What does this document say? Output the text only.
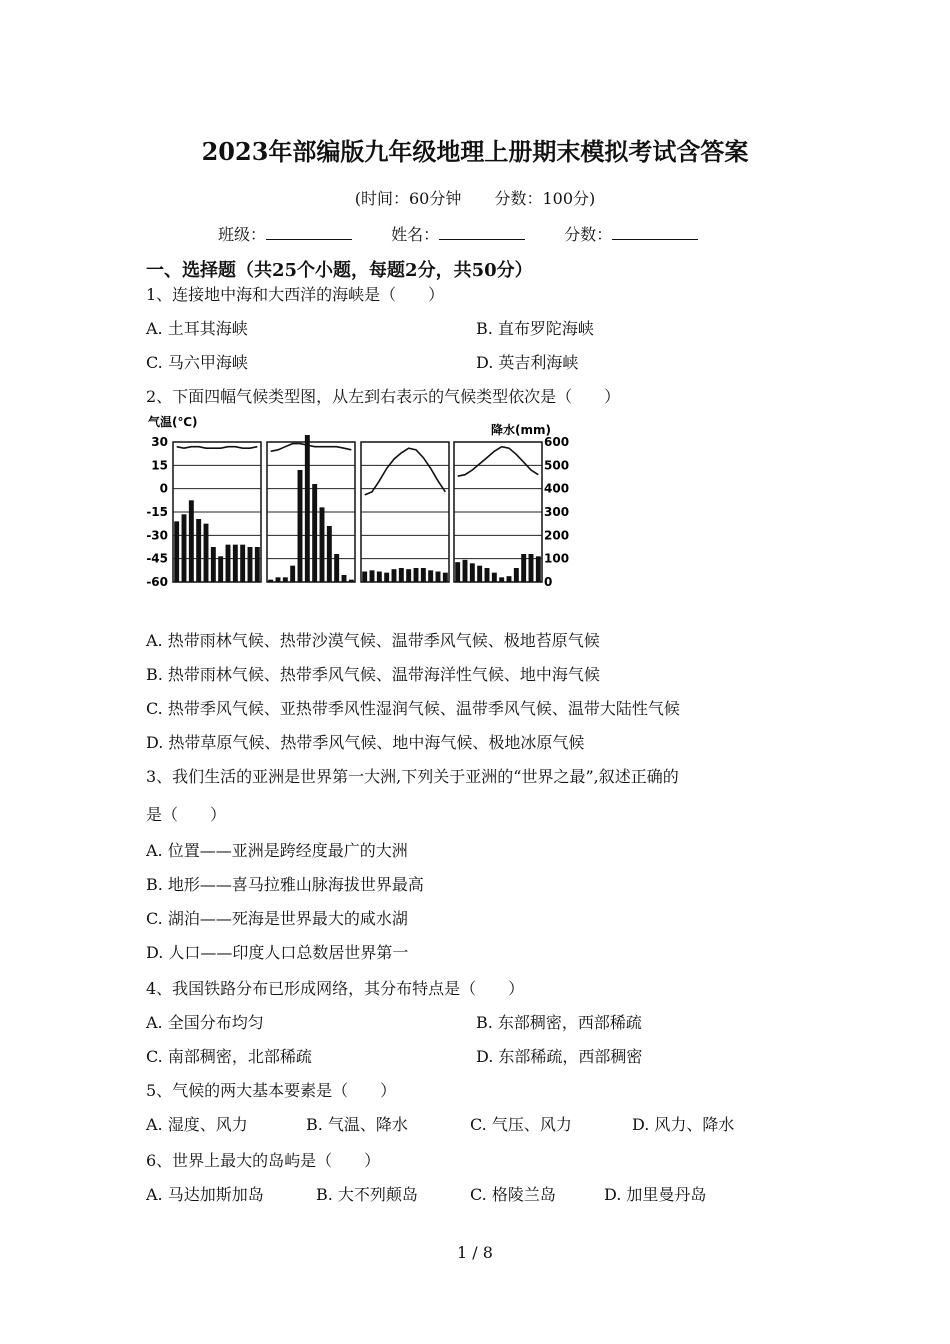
2023年部编版九年级地理上册期末模拟考试含答案
(时间：60分钟 分数：100分)
班级：	姓名：	分数：
一、选择题（共25个小题，每题2分，共50分）
1、连接地中海和大西洋的海峡是（　　）
A. 土耳其海峡	B. 直布罗陀海峡
C. 马六甲海峡	D. 英吉利海峡
2、下面四幅气候类型图，从左到右表示的气候类型依次是（　　）
气温(℃)
降水(mm)
30
15
0
-15
-30
-45
-60
600
500
400
300
200
100
0
A. 热带雨林气候、热带沙漠气候、温带季风气候、极地苔原气候
B. 热带雨林气候、热带季风气候、温带海洋性气候、地中海气候
C. 热带季风气候、亚热带季风性湿润气候、温带季风气候、温带大陆性气候
D. 热带草原气候、热带季风气候、地中海气候、极地冰原气候
3、我们生活的亚洲是世界第一大洲,下列关于亚洲的“世界之最”,叙述正确的
是（　　）
A. 位置——亚洲是跨经度最广的大洲
B. 地形——喜马拉雅山脉海拔世界最高
C. 湖泊——死海是世界最大的咸水湖
D. 人口——印度人口总数居世界第一
4、我国铁路分布已形成网络，其分布特点是（　　）
A. 全国分布均匀	B. 东部稠密，西部稀疏
C. 南部稠密，北部稀疏	D. 东部稀疏，西部稠密
5、气候的两大基本要素是（　　）
A. 湿度、风力	B. 气温、降水	C. 气压、风力	D. 风力、降水
6、世界上最大的岛屿是（　　）
A. 马达加斯加岛	B. 大不列颠岛	C. 格陵兰岛	D. 加里曼丹岛
1 / 8
